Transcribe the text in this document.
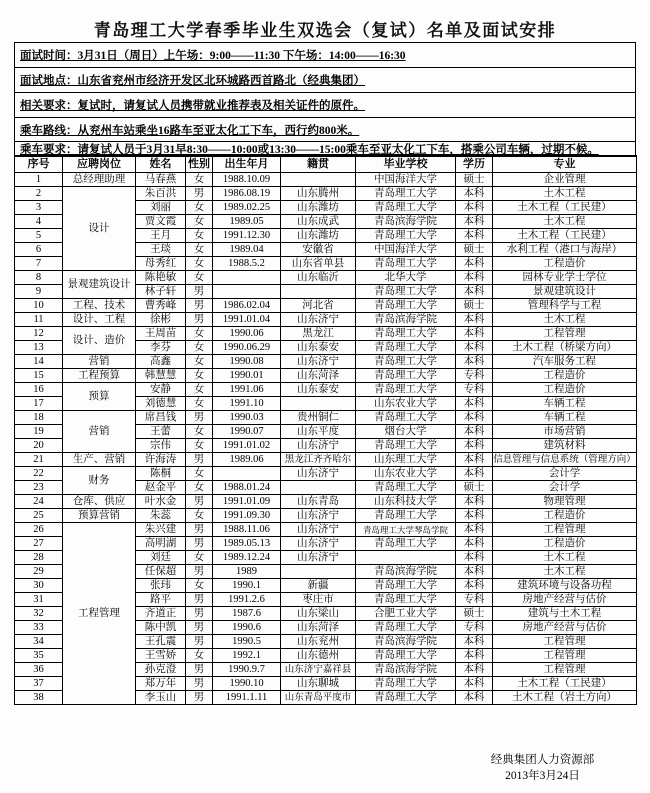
青岛理工大学春季毕业生双选会（复试）名单及面试安排
面试时间：3月31日（周日）上午场：9:00——11:30 下午场：14:00——16:30
面试地点：山东省兖州市经济开发区北环城路西首路北（经典集团）
相关要求：复试时，请复试人员携带就业推荐表及相关证件的原件。
乘车路线：从兖州车站乘坐16路车至亚太化工下车，西行约800米。
乘车要求：请复试人员于3月31早8:30——10:00或13:30——15:00乘车至亚太化工下车，搭乘公司车辆，过期不候。
序号	应聘岗位	姓名	性别	出生年月	籍贯	毕业学校	学历	专业
1	总经理助理	马春燕	女	1988.10.09		中国海洋大学	硕士	企业管理
2	设计	朱百洪	男	1986.08.19	山东腾州	青岛理工大学	本科	土木工程
3		刘丽	女	1989.02.25	山东潍坊	青岛理工大学	本科	土木工程（工民建）
4		贾文霞	女	1989.05	山东成武	青岛滨海学院	本科	土木工程
5		王月	女	1991.12.30	山东潍坊	青岛理工大学	本科	土木工程（工民建）
6		王琰	女	1989.04	安徽省	中国海洋大学	硕士	水利工程（港口与海岸）
7		母秀红	女	1988.5.2	山东省单县	青岛理工大学	本科	工程造价
8	景观建筑设计	陈艳敏	女		山东临沂	北华大学	本科	园林专业学士学位
9		林子轩	男			青岛理工大学	本科	景观建筑设计
10	工程、技术	曹秀峰	男	1986.02.04	河北省	青岛理工大学	硕士	管理科学与工程
11	设计、工程	徐彬	男	1991.01.04	山东济宁	青岛滨海学院	本科	土木工程
12	设计、造价	王周苗	女	1990.06	黑龙江	青岛理工大学	本科	工程管理
13		李芬	女	1990.06.29	山东泰安	青岛理工大学	本科	土木工程（桥梁方向）
14	营销	高鑫	女	1990.08	山东济宁	青岛理工大学	本科	汽车服务工程
15	工程预算	韩慧慧	女	1990.01	山东菏泽	青岛理工大学	专科	工程造价
16	预算	安静	女	1991.06	山东泰安	青岛理工大学	专科	工程造价
17		刘德慧	女	1991.10		山东农业大学	本科	车辆工程
18	营销	席昌钱	男	1990.03	贵州铜仁	青岛理工大学	本科	车辆工程
19		王蕾	女	1990.07	山东平度	烟台大学	本科	市场营销
20		宗伟	女	1991.01.02	山东济宁	青岛理工大学	本科	建筑材料
21	生产、营销	许海涛	男	1989.06	黑龙江齐齐哈尔	山东理工大学	本科	信息管理与信息系统（管理方向）
22	财务	陈桐	女		山东济宁	山东农业大学	本科	会计学
23		赵金平	女	1988.01.24		青岛理工大学	硕士	会计学
24	仓库、供应	叶水金	男	1991.01.09	山东青岛	山东科技大学	本科	物理管理
25	预算营销	朱蕊	女	1991.09.30	山东济宁	青岛理工大学	本科	工程造价
26	工程管理	朱兴建	男	1988.11.06	山东济宁	青岛理工大学琴岛学院	本科	工程管理
27		高明湖	男	1989.05.13	山东济宁	青岛理工大学	本科	工程造价
28		刘廷	女	1989.12.24	山东济宁		本科	土木工程
29		任保超	男	1989		青岛滨海学院	本科	土木工程
30		张玮	女	1990.1	新疆	青岛理工大学	本科	建筑环境与设备功程
31		路平	男	1991.2.6	枣庄市	青岛理工大学	专科	房地产经营与估价
32		齐道正	男	1987.6	山东梁山	合肥工业大学	硕士	建筑与土木工程
33		陈中凯	男	1990.6	山东菏泽	青岛理工大学	专科	房地产经营与估价
34		王孔震	男	1990.5	山东兖州	青岛滨海学院	本科	工程管理
35		王雪娇	女	1992.1	山东德州	青岛理工大学	本科	工程管理
36		孙克澄	男	1990.9.7	山东济宁嘉祥县	青岛滨海学院	本科	工程管理
37		郑万年	男	1990.10	山东聊城	青岛理工大学	本科	土木工程（工民建）
38		李玉山	男	1991.1.11	山东青岛平度市	青岛理工大学	本科	土木工程（岩土方向）
经典集团人力资源部
2013年3月24日
